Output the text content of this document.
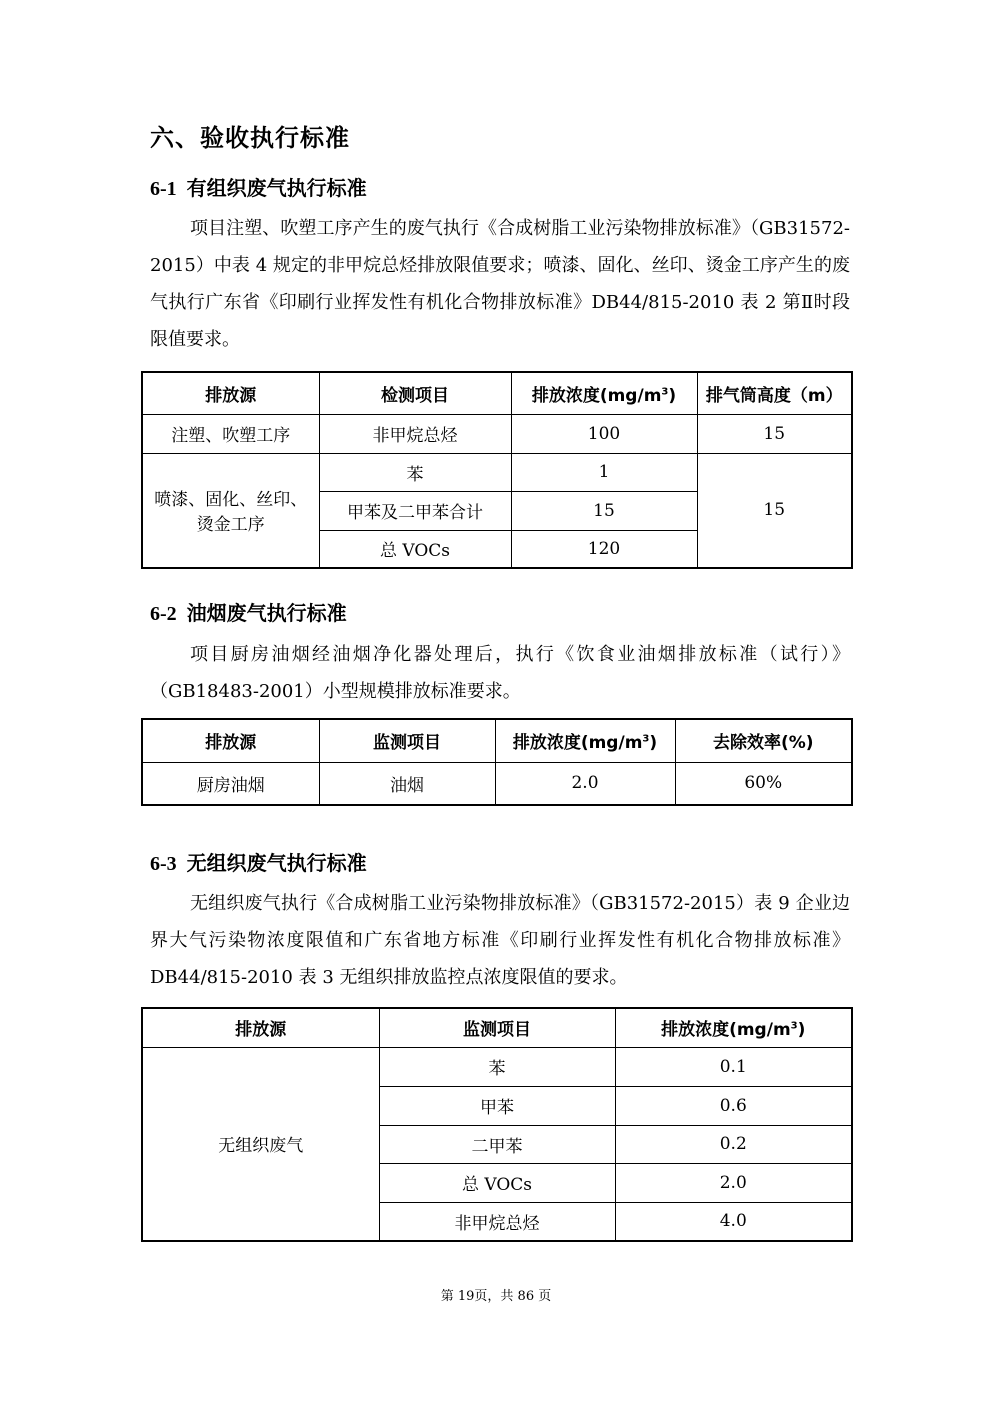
六、验收执行标准
6-1 有组织废气执行标准
项目注塑、吹塑工序产生的废气执行《合成树脂工业污染物排放标准》（GB31572-2015）中表 4 规定的非甲烷总烃排放限值要求；喷漆、固化、丝印、烫金工序产生的废气执行广东省《印刷行业挥发性有机化合物排放标准》DB44/815-2010 表 2 第Ⅱ时段限值要求。
排放源	检测项目	排放浓度$(mg/m^3)$	排气筒高度（m）
注塑、吹塑工序	非甲烷总烃	100	15

喷漆、固化、丝印、
烫金工序	苯	1	15
	甲苯及二甲苯合计	15	
	总 VOCs	120	
6-2 油烟废气执行标准
项目厨房油烟经油烟净化器处理后，执行《饮食业油烟排放标准（试行）》（GB18483-2001）小型规模排放标准要求。
排放源	监测项目	排放浓度$(mg/m^3)$	去除效率(%)
厨房油烟	油烟	2.0	60%
6-3 无组织废气执行标准
无组织废气执行《合成树脂工业污染物排放标准》（GB31572-2015）表 9 企业边界大气污染物浓度限值和广东省地方标准《印刷行业挥发性有机化合物排放标准》DB44/815-2010 表 3 无组织排放监控点浓度限值的要求。
排放源	监测项目	排放浓度$(mg/m^3)$
无组织废气	苯	0.1
	甲苯	0.6
	二甲苯	0.2
	总 VOCs	2.0
	非甲烷总烃	4.0
第 19页，共 86 页
